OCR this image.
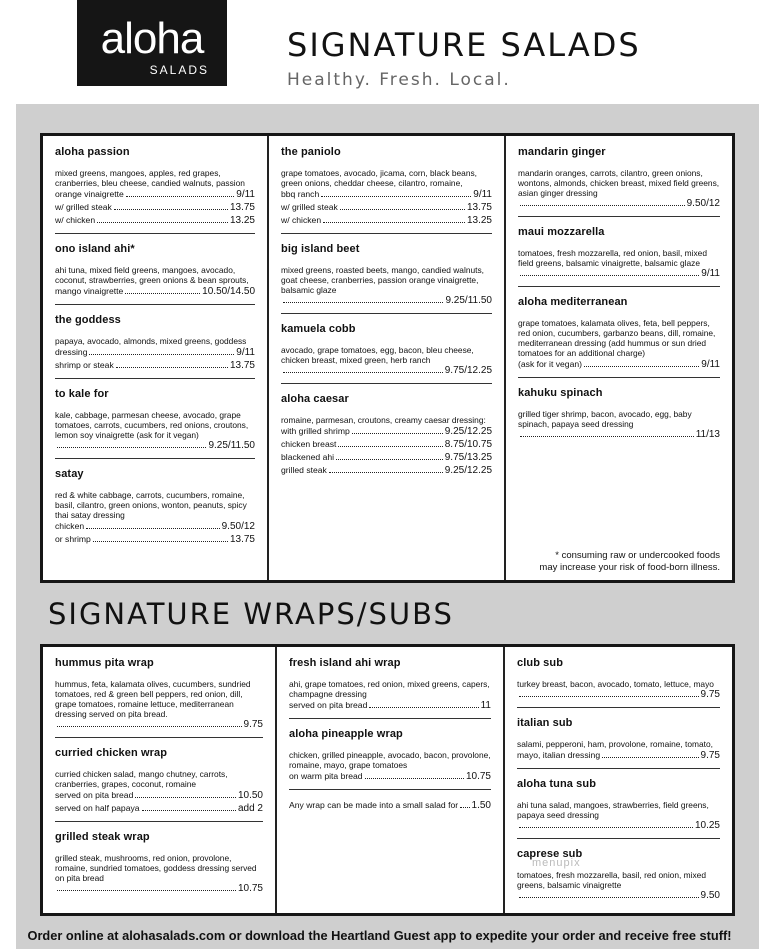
aloha
SALADS
SIGNATURE SALADS
Healthy. Fresh. Local.
aloha passion
mixed greens, mangoes, apples, red grapes, cranberries, bleu cheese, candied walnuts, passion
orange vinaigrette	9/11
w/ grilled steak	13.75
w/ chicken	13.25
ono island ahi*
ahi tuna, mixed field greens, mangoes, avocado, coconut, strawberries, green onions & bean sprouts,
mango vinaigrette	10.50/14.50
the goddess
papaya, avocado, almonds, mixed greens, goddess
dressing	9/11
shrimp or steak	13.75
to kale for
kale, cabbage, parmesan cheese, avocado, grape tomatoes, carrots, cucumbers, red onions, croutons, lemon soy vinaigrette (ask for it vegan)
9.25/11.50
satay
red & white cabbage, carrots, cucumbers, romaine, basil, cilantro, green onions, wonton, peanuts, spicy thai satay dressing
chicken	9.50/12
or shrimp	13.75
the paniolo
grape tomatoes, avocado, jicama, corn, black beans, green onions, cheddar cheese, cilantro, romaine,
bbq ranch	9/11
w/ grilled steak	13.75
w/ chicken	13.25
big island beet
mixed greens, roasted beets, mango, candied walnuts, goat cheese, cranberries, passion orange vinaigrette, balsamic glaze
9.25/11.50
kamuela cobb
avocado, grape tomatoes, egg, bacon, bleu cheese, chicken breast, mixed green, herb ranch
9.75/12.25
aloha caesar
romaine, parmesan, croutons, creamy caesar dressing:
with grilled shrimp	9.25/12.25
chicken breast	8.75/10.75
blackened ahi	9.75/13.25
grilled steak	9.25/12.25
mandarin ginger
mandarin oranges, carrots, cilantro, green onions, wontons, almonds, chicken breast, mixed field greens, asian ginger dressing
9.50/12
maui mozzarella
tomatoes, fresh mozzarella, red onion, basil, mixed field greens, balsamic vinaigrette, balsamic glaze
9/11
aloha mediterranean
grape tomatoes, kalamata olives, feta, bell peppers, red onion, cucumbers, garbanzo beans, dill, romaine, mediterranean dressing (add hummus or sun dried tomatoes for an additional charge)
(ask for it vegan)	9/11
kahuku spinach
grilled tiger shrimp, bacon, avocado, egg, baby spinach, papaya seed dressing
11/13
* consuming raw or undercooked foods
may increase your risk of food-born illness.
SIGNATURE WRAPS/SUBS
hummus pita wrap
hummus, feta, kalamata olives, cucumbers, sundried tomatoes, red & green bell peppers, red onion, dill, grape tomatoes, romaine lettuce, mediterranean dressing served on pita bread.
9.75
curried chicken wrap
curried chicken salad, mango chutney, carrots, cranberries, grapes, coconut, romaine
served on pita bread	10.50
served on half papaya	add 2
grilled steak wrap
grilled steak, mushrooms, red onion, provolone, romaine, sundried tomatoes, goddess dressing served on pita bread
10.75
fresh island ahi wrap
ahi, grape tomatoes, red onion, mixed greens, capers, champagne dressing
served on pita bread	11
aloha pineapple wrap
chicken, grilled pineapple, avocado, bacon, provolone, romaine, mayo, grape tomatoes
on warm pita bread	10.75
Any wrap can be made into a small salad for 1.50
club sub
turkey breast, bacon, avocado, tomato, lettuce, mayo
9.75
italian sub
salami, pepperoni, ham, provolone, romaine, tomato,
mayo, italian dressing	9.75
aloha tuna sub
ahi tuna salad, mangoes, strawberries, field greens, papaya seed dressing
10.25
caprese sub
tomatoes, fresh mozzarella, basil, red onion, mixed greens, balsamic vinaigrette
9.50
menupix
Order online at alohasalads.com or download the Heartland Guest app to expedite your order and receive free stuff!
